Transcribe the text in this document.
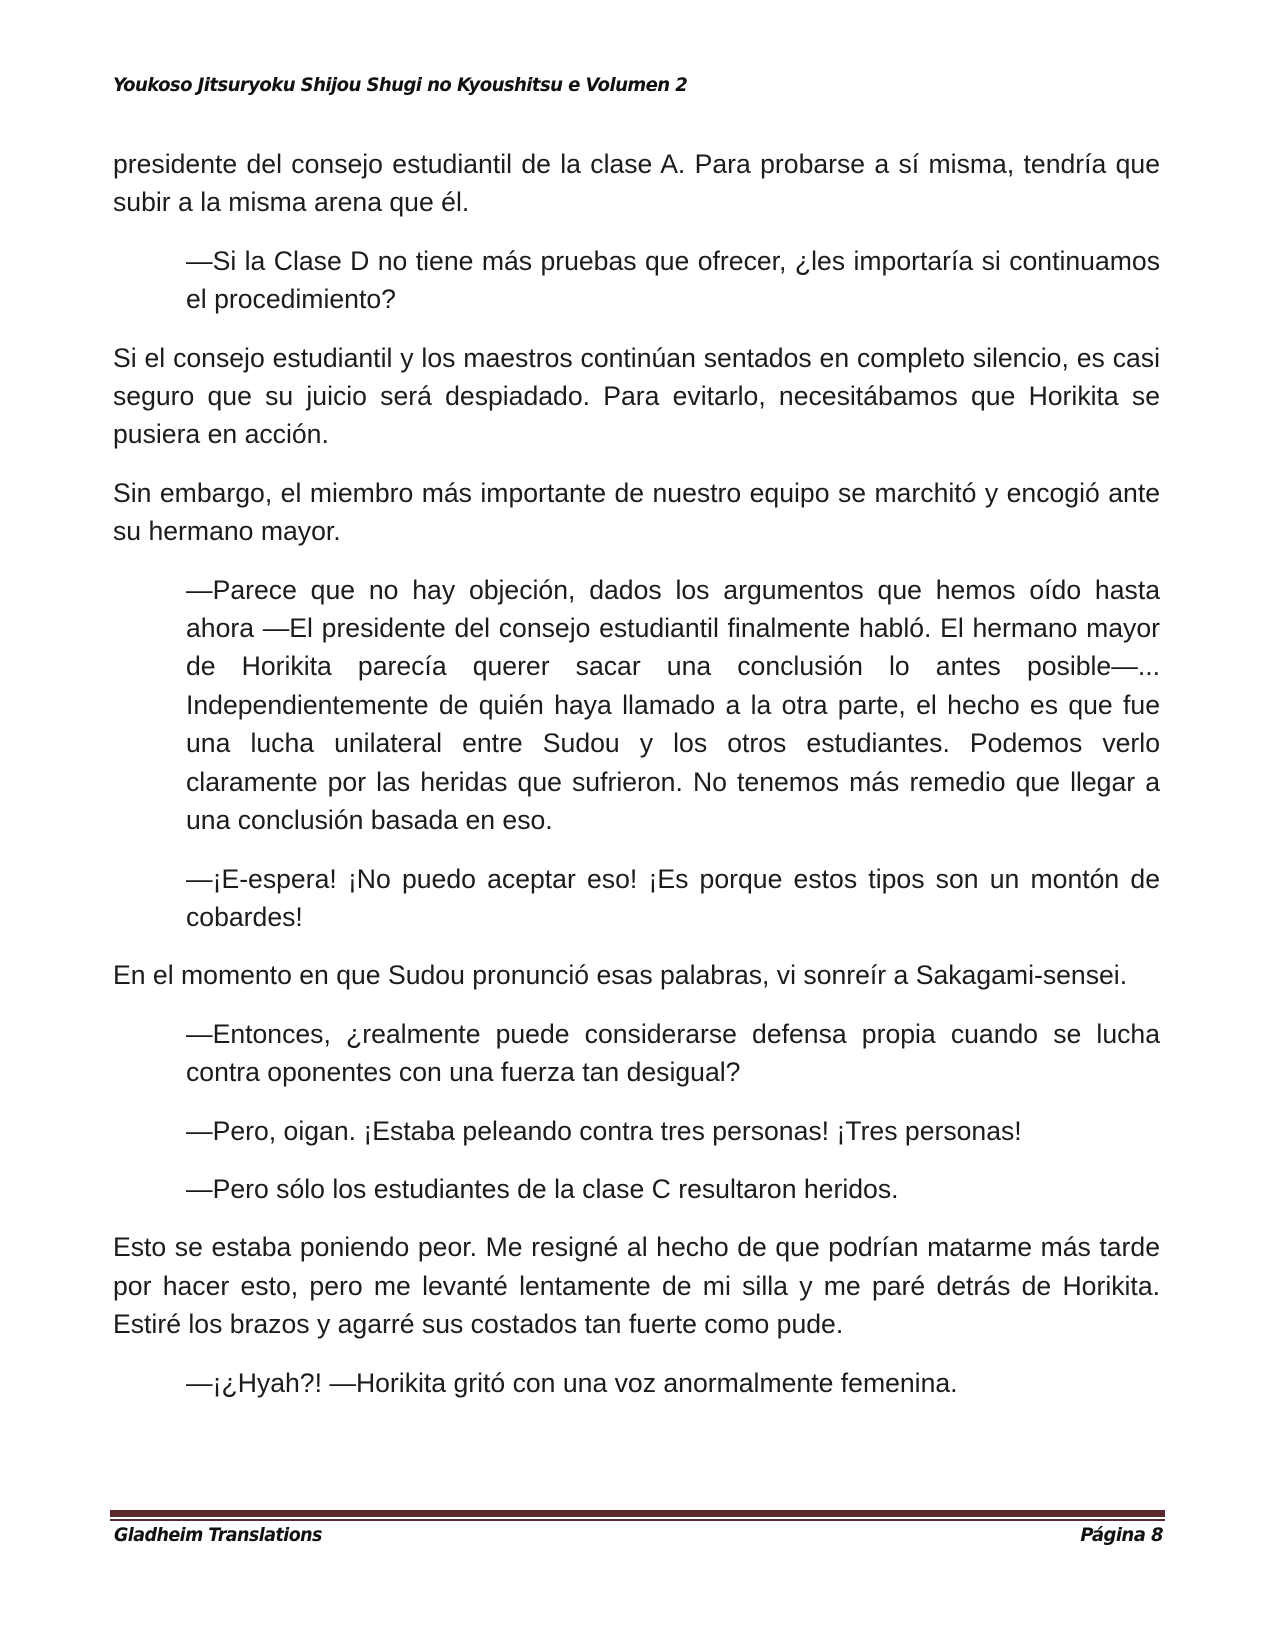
Youkoso Jitsuryoku Shijou Shugi no Kyoushitsu e Volumen 2

presidente del consejo estudiantil de la clase A. Para probarse a sí misma, tendría que subir a la misma arena que él.

—Si la Clase D no tiene más pruebas que ofrecer, ¿les importaría si continuamos el procedimiento?

Si el consejo estudiantil y los maestros continúan sentados en completo silencio, es casi seguro que su juicio será despiadado. Para evitarlo, necesitábamos que Horikita se pusiera en acción.

Sin embargo, el miembro más importante de nuestro equipo se marchitó y encogió ante su hermano mayor.

—Parece que no hay objeción, dados los argumentos que hemos oído hasta ahora —El presidente del consejo estudiantil finalmente habló. El hermano mayor de Horikita parecía querer sacar una conclusión lo antes posible—... Independientemente de quién haya llamado a la otra parte, el hecho es que fue una lucha unilateral entre Sudou y los otros estudiantes. Podemos verlo claramente por las heridas que sufrieron. No tenemos más remedio que llegar a una conclusión basada en eso.

—¡E-espera! ¡No puedo aceptar eso! ¡Es porque estos tipos son un montón de cobardes!

En el momento en que Sudou pronunció esas palabras, vi sonreír a Sakagami-sensei.

—Entonces, ¿realmente puede considerarse defensa propia cuando se lucha contra oponentes con una fuerza tan desigual?

—Pero, oigan. ¡Estaba peleando contra tres personas! ¡Tres personas!

—Pero sólo los estudiantes de la clase C resultaron heridos.

Esto se estaba poniendo peor. Me resigné al hecho de que podrían matarme más tarde por hacer esto, pero me levanté lentamente de mi silla y me paré detrás de Horikita. Estiré los brazos y agarré sus costados tan fuerte como pude.

—¡¿Hyah?! —Horikita gritó con una voz anormalmente femenina.

Gladheim Translations	Página 8
